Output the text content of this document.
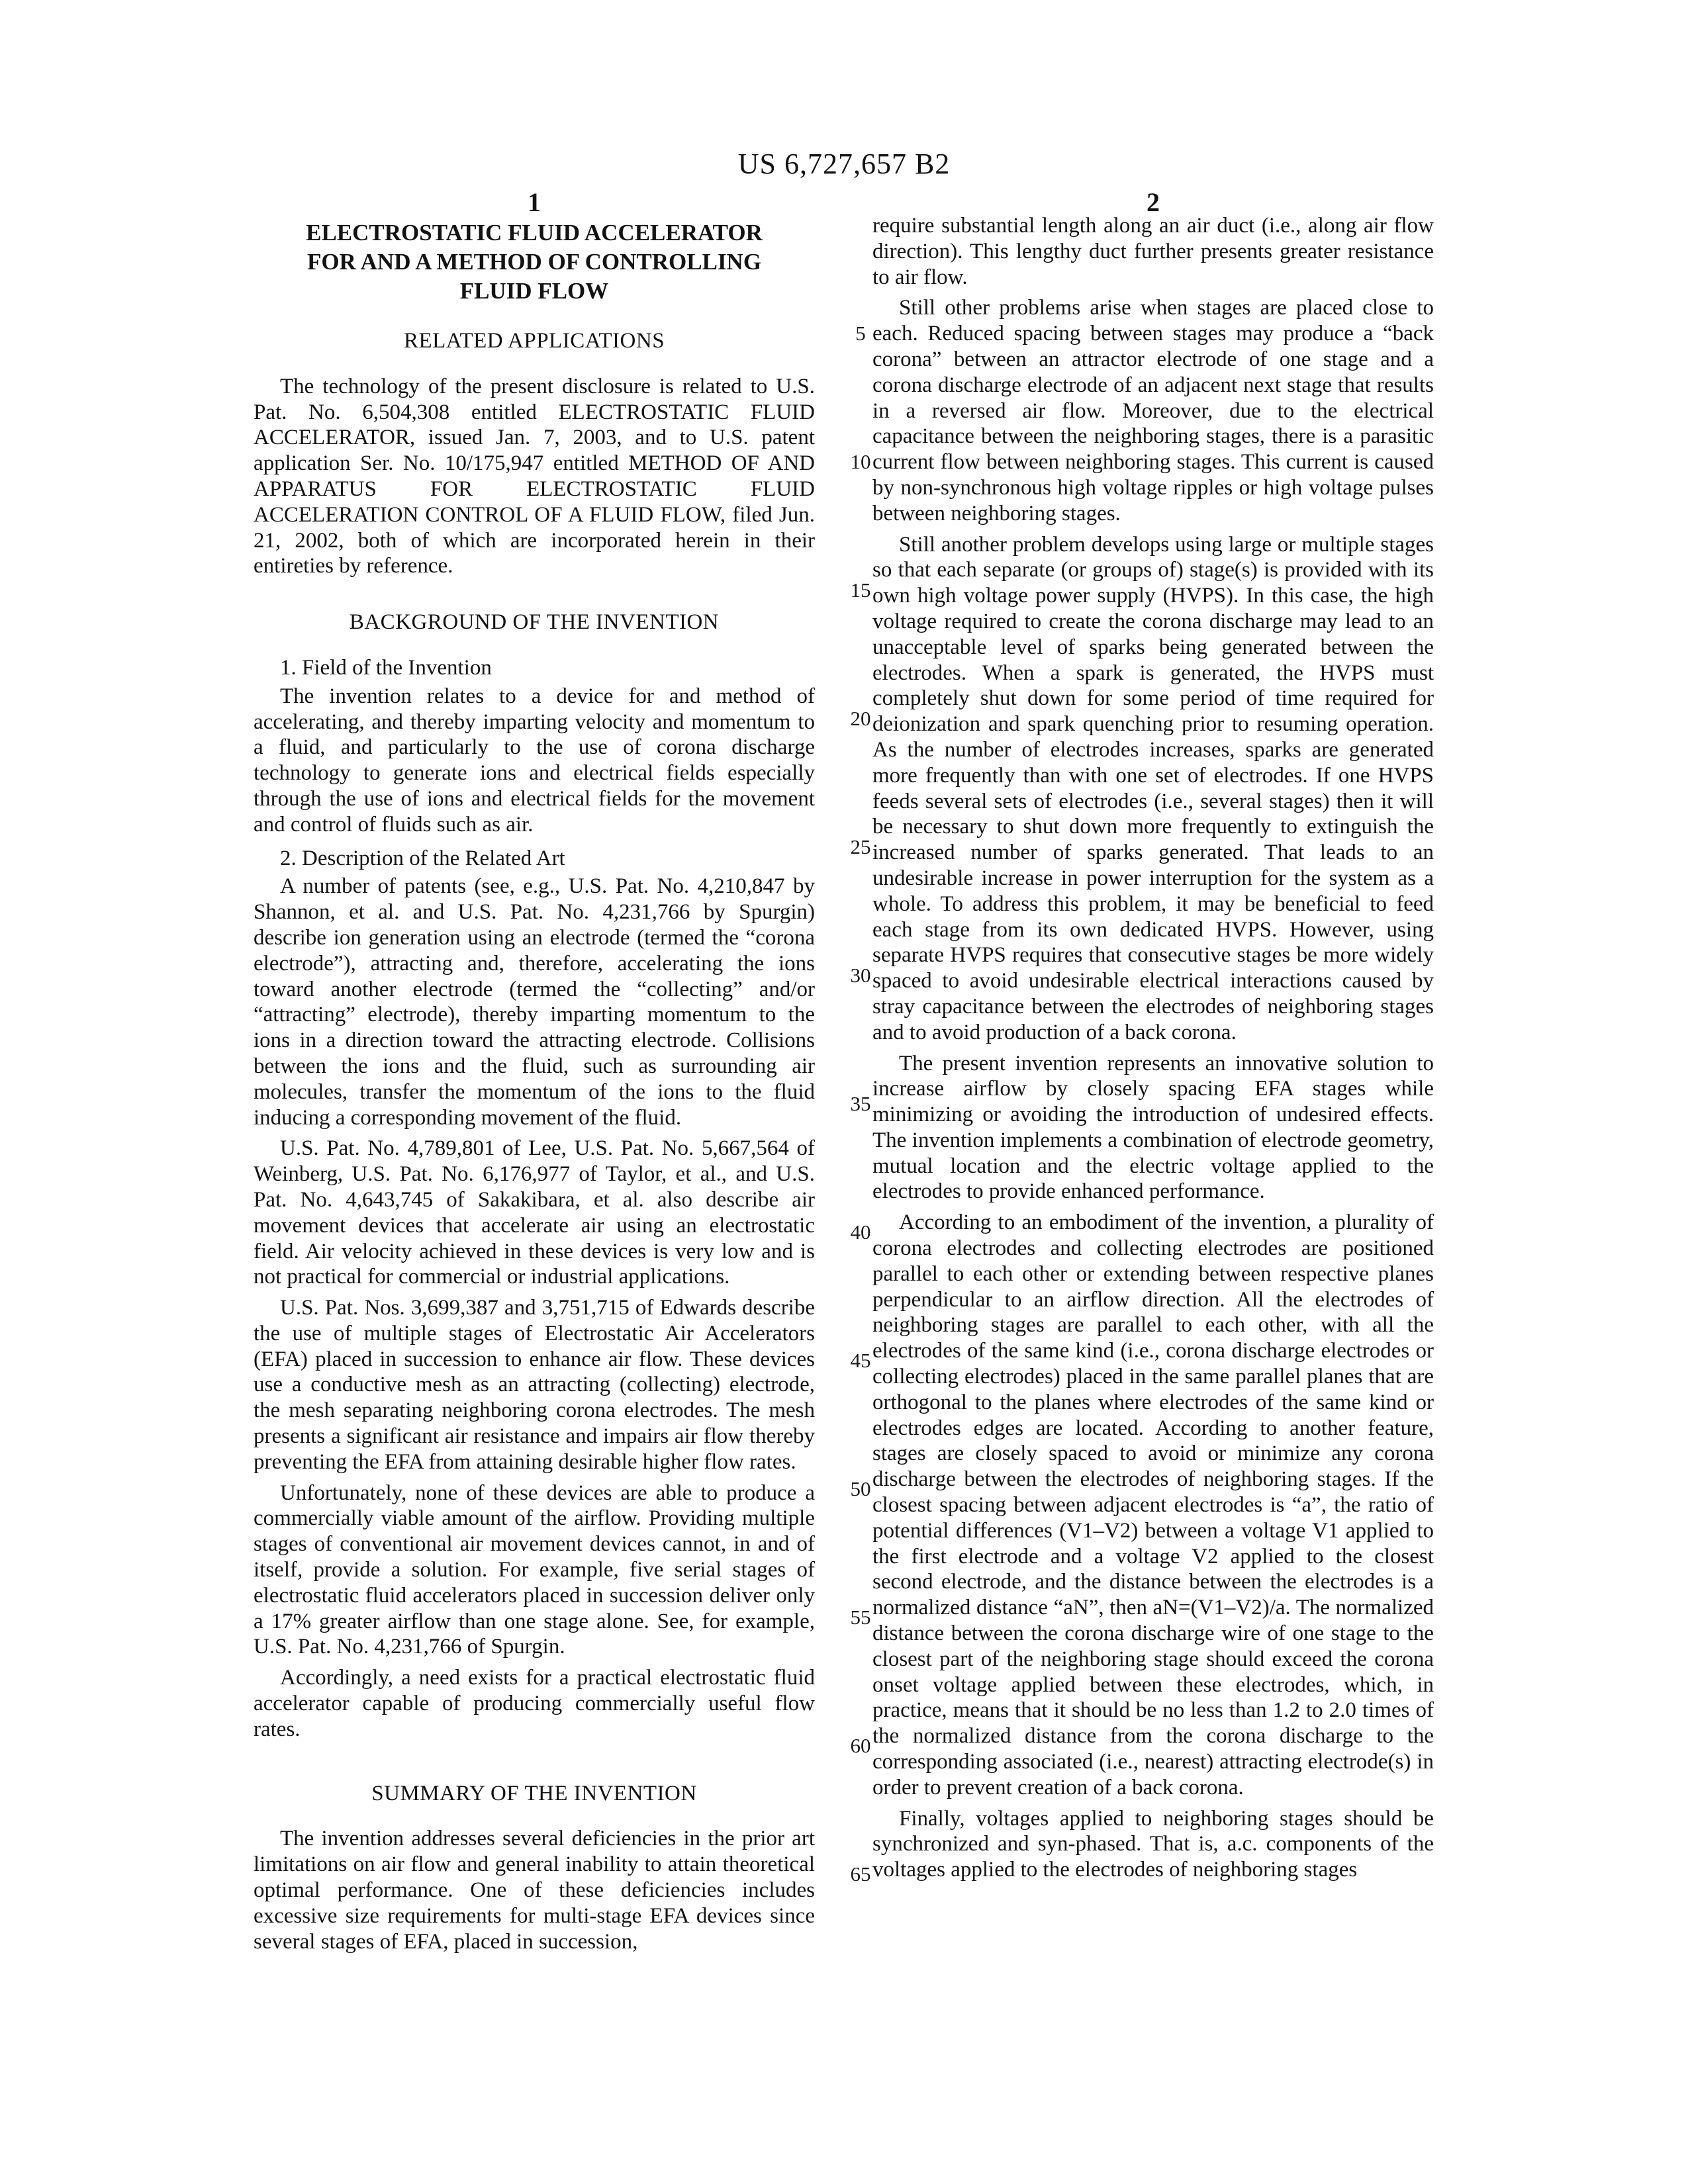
US 6,727,657 B2
1	2
5
10
15
20
25
30
35
40
45
50
55
60
65
ELECTROSTATIC FLUID ACCELERATOR FOR AND A METHOD OF CONTROLLING FLUID FLOW
RELATED APPLICATIONS

The technology of the present disclosure is related to U.S. Pat. No. 6,504,308 entitled ELECTROSTATIC FLUID ACCELERATOR, issued Jan. 7, 2003, and to U.S. patent application Ser. No. 10/175,947 entitled METHOD OF AND APPARATUS FOR ELECTROSTATIC FLUID ACCELERATION CONTROL OF A FLUID FLOW, filed Jun. 21, 2002, both of which are incorporated herein in their entireties by reference.

BACKGROUND OF THE INVENTION

1. Field of the Invention

The invention relates to a device for and method of accelerating, and thereby imparting velocity and momentum to a fluid, and particularly to the use of corona discharge technology to generate ions and electrical fields especially through the use of ions and electrical fields for the movement and control of fluids such as air.

2. Description of the Related Art

A number of patents (see, e.g., U.S. Pat. No. 4,210,847 by Shannon, et al. and U.S. Pat. No. 4,231,766 by Spurgin) describe ion generation using an electrode (termed the “corona electrode”), attracting and, therefore, accelerating the ions toward another electrode (termed the “collecting” and/or “attracting” electrode), thereby imparting momentum to the ions in a direction toward the attracting electrode. Collisions between the ions and the fluid, such as surrounding air molecules, transfer the momentum of the ions to the fluid inducing a corresponding movement of the fluid.

U.S. Pat. No. 4,789,801 of Lee, U.S. Pat. No. 5,667,564 of Weinberg, U.S. Pat. No. 6,176,977 of Taylor, et al., and U.S. Pat. No. 4,643,745 of Sakakibara, et al. also describe air movement devices that accelerate air using an electrostatic field. Air velocity achieved in these devices is very low and is not practical for commercial or industrial applications.

U.S. Pat. Nos. 3,699,387 and 3,751,715 of Edwards describe the use of multiple stages of Electrostatic Air Accelerators (EFA) placed in succession to enhance air flow. These devices use a conductive mesh as an attracting (collecting) electrode, the mesh separating neighboring corona electrodes. The mesh presents a significant air resistance and impairs air flow thereby preventing the EFA from attaining desirable higher flow rates.

Unfortunately, none of these devices are able to produce a commercially viable amount of the airflow. Providing multiple stages of conventional air movement devices cannot, in and of itself, provide a solution. For example, five serial stages of electrostatic fluid accelerators placed in succession deliver only a 17% greater airflow than one stage alone. See, for example, U.S. Pat. No. 4,231,766 of Spurgin.

Accordingly, a need exists for a practical electrostatic fluid accelerator capable of producing commercially useful flow rates.

SUMMARY OF THE INVENTION

The invention addresses several deficiencies in the prior art limitations on air flow and general inability to attain theoretical optimal performance. One of these deficiencies includes excessive size requirements for multi-stage EFA devices since several stages of EFA, placed in succession,

require substantial length along an air duct (i.e., along air flow direction). This lengthy duct further presents greater resistance to air flow.

Still other problems arise when stages are placed close to each. Reduced spacing between stages may produce a “back corona” between an attractor electrode of one stage and a corona discharge electrode of an adjacent next stage that results in a reversed air flow. Moreover, due to the electrical capacitance between the neighboring stages, there is a parasitic current flow between neighboring stages. This current is caused by non-synchronous high voltage ripples or high voltage pulses between neighboring stages.

Still another problem develops using large or multiple stages so that each separate (or groups of) stage(s) is provided with its own high voltage power supply (HVPS). In this case, the high voltage required to create the corona discharge may lead to an unacceptable level of sparks being generated between the electrodes. When a spark is generated, the HVPS must completely shut down for some period of time required for deionization and spark quenching prior to resuming operation. As the number of electrodes increases, sparks are generated more frequently than with one set of electrodes. If one HVPS feeds several sets of electrodes (i.e., several stages) then it will be necessary to shut down more frequently to extinguish the increased number of sparks generated. That leads to an undesirable increase in power interruption for the system as a whole. To address this problem, it may be beneficial to feed each stage from its own dedicated HVPS. However, using separate HVPS requires that consecutive stages be more widely spaced to avoid undesirable electrical interactions caused by stray capacitance between the electrodes of neighboring stages and to avoid production of a back corona.

The present invention represents an innovative solution to increase airflow by closely spacing EFA stages while minimizing or avoiding the introduction of undesired effects. The invention implements a combination of electrode geometry, mutual location and the electric voltage applied to the electrodes to provide enhanced performance.

According to an embodiment of the invention, a plurality of corona electrodes and collecting electrodes are positioned parallel to each other or extending between respective planes perpendicular to an airflow direction. All the electrodes of neighboring stages are parallel to each other, with all the electrodes of the same kind (i.e., corona discharge electrodes or collecting electrodes) placed in the same parallel planes that are orthogonal to the planes where electrodes of the same kind or electrodes edges are located. According to another feature, stages are closely spaced to avoid or minimize any corona discharge between the electrodes of neighboring stages. If the closest spacing between adjacent electrodes is “a”, the ratio of potential differences (V1–V2) between a voltage V1 applied to the first electrode and a voltage V2 applied to the closest second electrode, and the distance between the electrodes is a normalized distance “aN”, then aN=(V1–V2)/a. The normalized distance between the corona discharge wire of one stage to the closest part of the neighboring stage should exceed the corona onset voltage applied between these electrodes, which, in practice, means that it should be no less than 1.2 to 2.0 times of the normalized distance from the corona discharge to the corresponding associated (i.e., nearest) attracting electrode(s) in order to prevent creation of a back corona.

Finally, voltages applied to neighboring stages should be synchronized and syn-phased. That is, a.c. components of the voltages applied to the electrodes of neighboring stages
